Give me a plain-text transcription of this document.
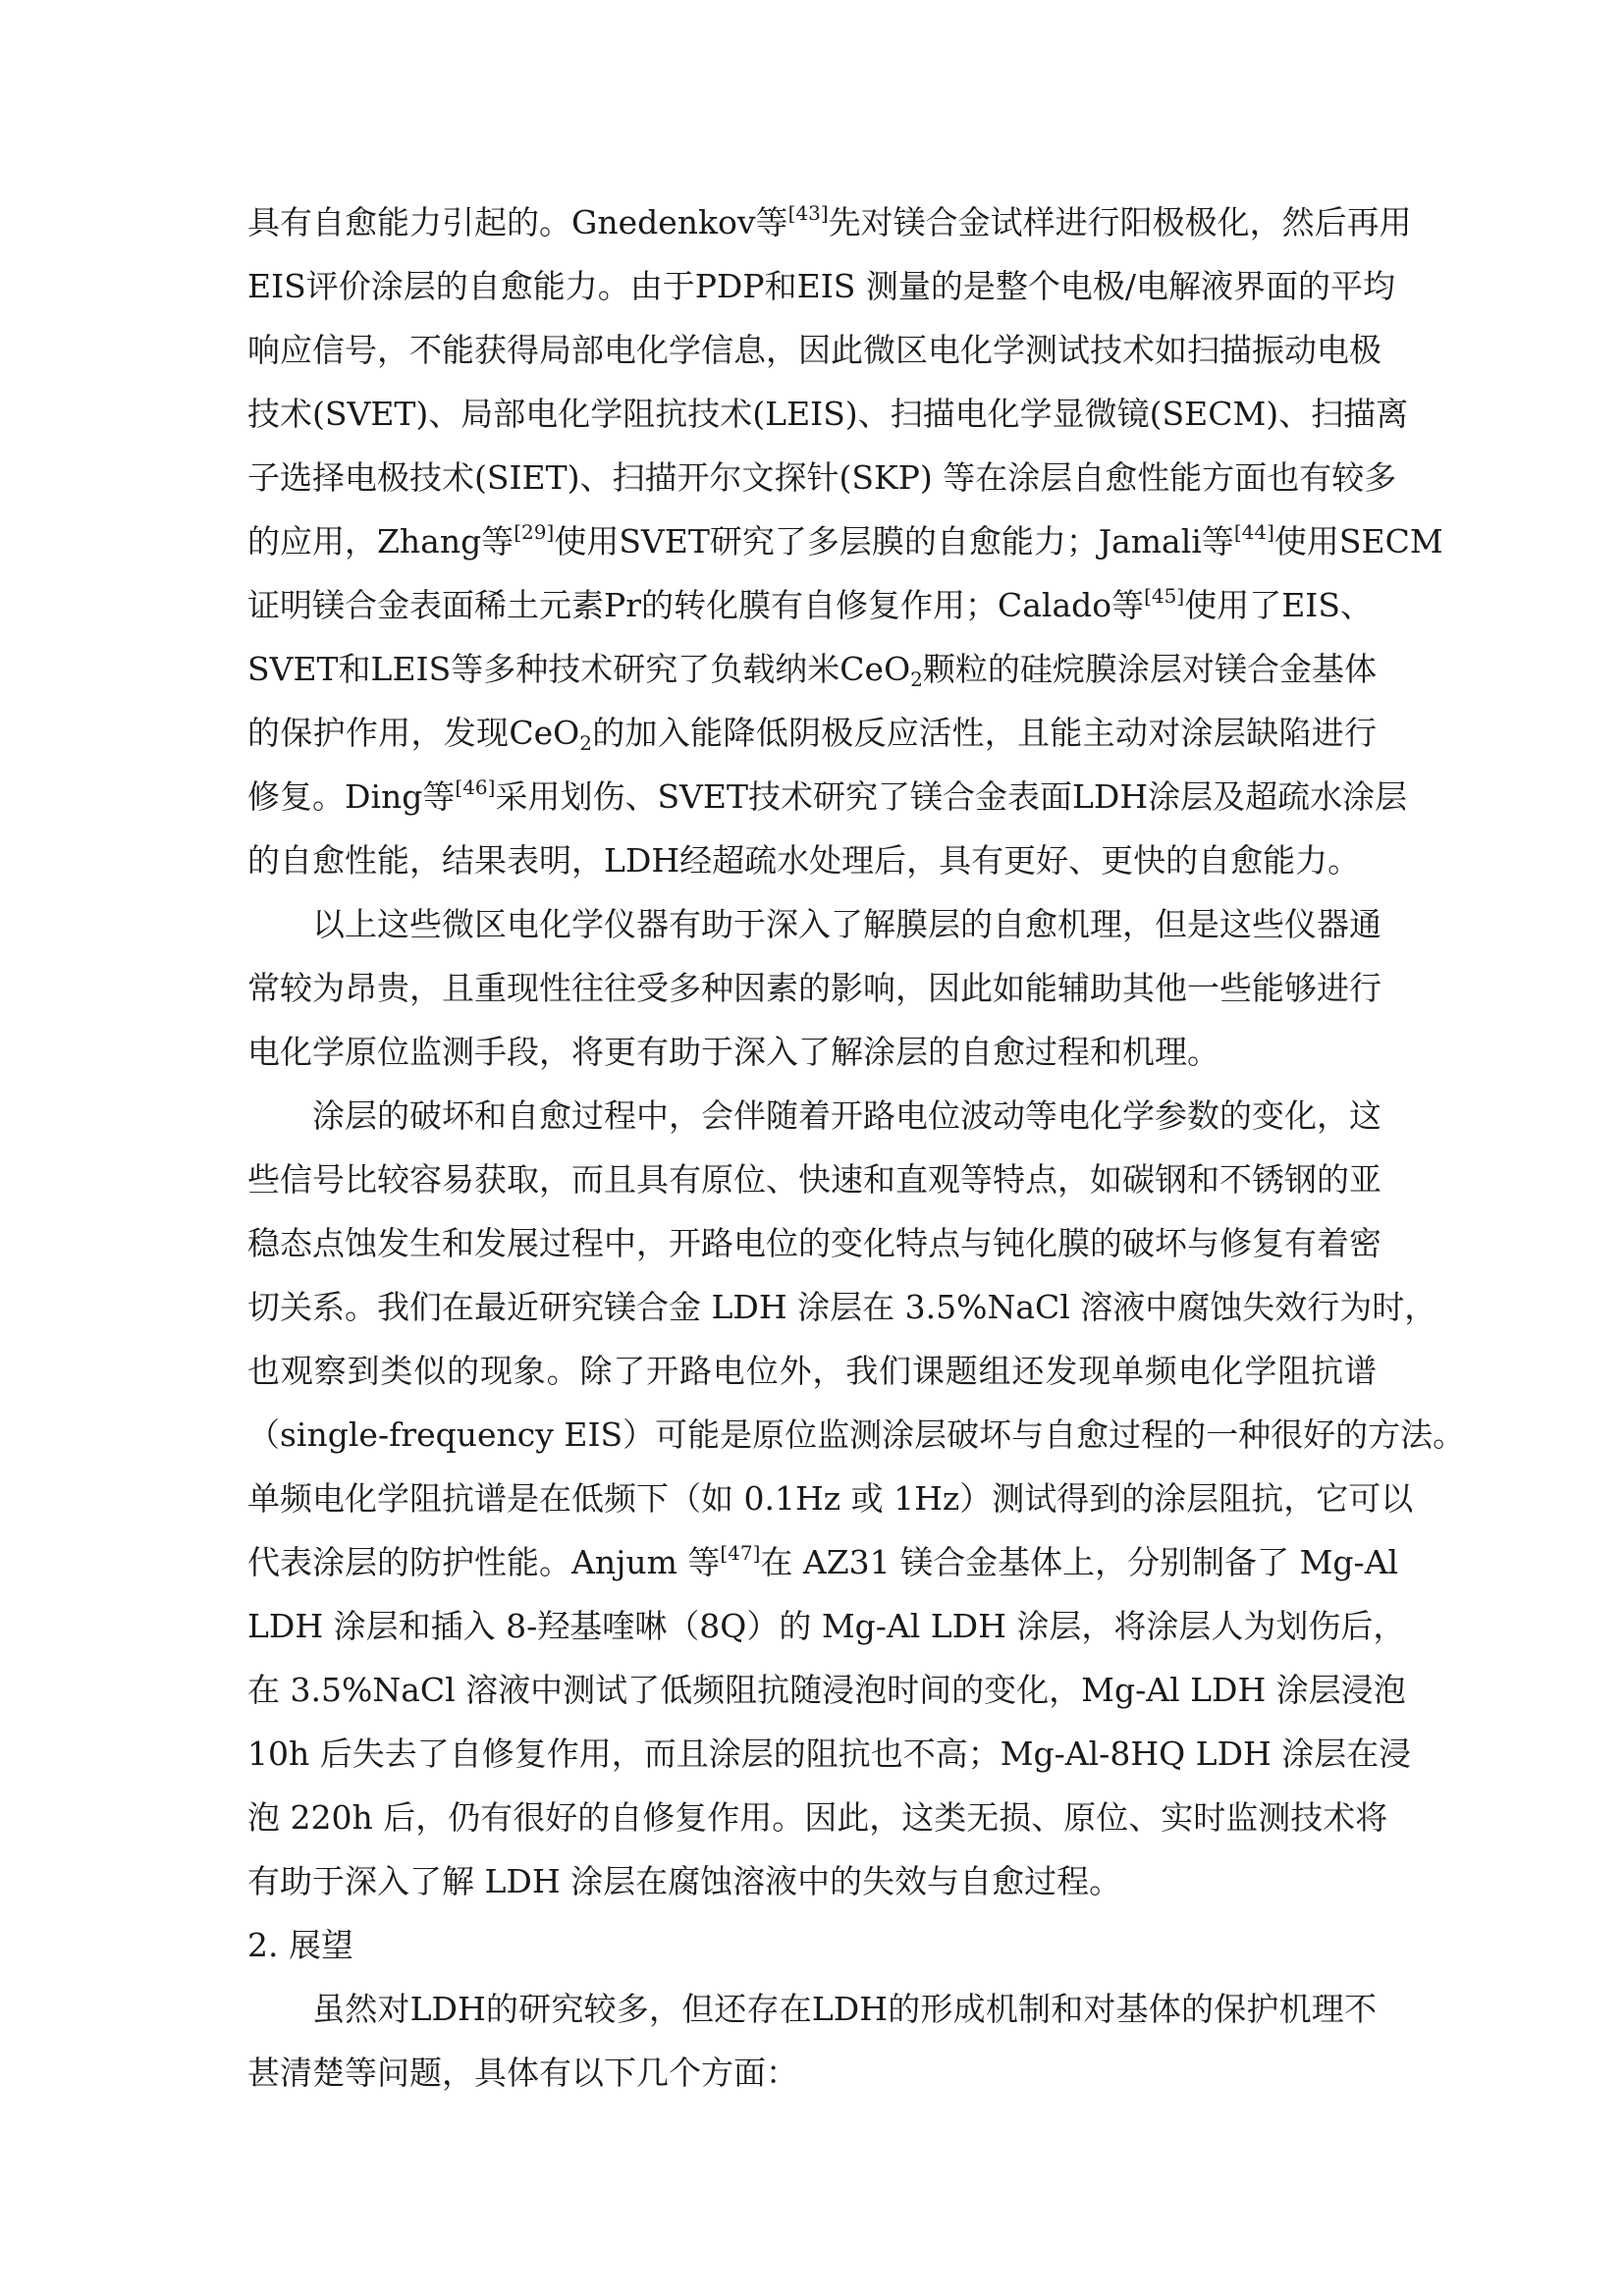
具有自愈能力引起的。Gnedenkov等[43]先对镁合金试样进行阳极极化，然后再用
EIS评价涂层的自愈能力。由于PDP和EIS 测量的是整个电极/电解液界面的平均
响应信号，不能获得局部电化学信息，因此微区电化学测试技术如扫描振动电极
技术(SVET)、局部电化学阻抗技术(LEIS)、扫描电化学显微镜(SECM)、扫描离
子选择电极技术(SIET)、扫描开尔文探针(SKP) 等在涂层自愈性能方面也有较多
的应用，Zhang等[29]使用SVET研究了多层膜的自愈能力；Jamali等[44]使用SECM
证明镁合金表面稀土元素Pr的转化膜有自修复作用；Calado等[45]使用了EIS、
SVET和LEIS等多种技术研究了负载纳米CeO$_2$颗粒的硅烷膜涂层对镁合金基体
的保护作用，发现CeO$_2$的加入能降低阴极反应活性，且能主动对涂层缺陷进行
修复。Ding等[46]采用划伤、SVET技术研究了镁合金表面LDH涂层及超疏水涂层
的自愈性能，结果表明，LDH经超疏水处理后，具有更好、更快的自愈能力。
以上这些微区电化学仪器有助于深入了解膜层的自愈机理，但是这些仪器通
常较为昂贵，且重现性往往受多种因素的影响，因此如能辅助其他一些能够进行
电化学原位监测手段，将更有助于深入了解涂层的自愈过程和机理。
涂层的破坏和自愈过程中，会伴随着开路电位波动等电化学参数的变化，这
些信号比较容易获取，而且具有原位、快速和直观等特点，如碳钢和不锈钢的亚
稳态点蚀发生和发展过程中，开路电位的变化特点与钝化膜的破坏与修复有着密
切关系。我们在最近研究镁合金 LDH 涂层在 3.5%NaCl 溶液中腐蚀失效行为时，
也观察到类似的现象。除了开路电位外，我们课题组还发现单频电化学阻抗谱
（single-frequency EIS）可能是原位监测涂层破坏与自愈过程的一种很好的方法。
单频电化学阻抗谱是在低频下（如 0.1Hz 或 1Hz）测试得到的涂层阻抗，它可以
代表涂层的防护性能。Anjum 等[47]在 AZ31 镁合金基体上，分别制备了 Mg-Al
LDH 涂层和插入 8-羟基喹啉（8Q）的 Mg-Al LDH 涂层，将涂层人为划伤后，
在 3.5%NaCl 溶液中测试了低频阻抗随浸泡时间的变化，Mg-Al LDH 涂层浸泡
10h 后失去了自修复作用，而且涂层的阻抗也不高；Mg-Al-8HQ LDH 涂层在浸
泡 220h 后，仍有很好的自修复作用。因此，这类无损、原位、实时监测技术将
有助于深入了解 LDH 涂层在腐蚀溶液中的失效与自愈过程。
2. 展望
虽然对LDH的研究较多，但还存在LDH的形成机制和对基体的保护机理不
甚清楚等问题，具体有以下几个方面：
